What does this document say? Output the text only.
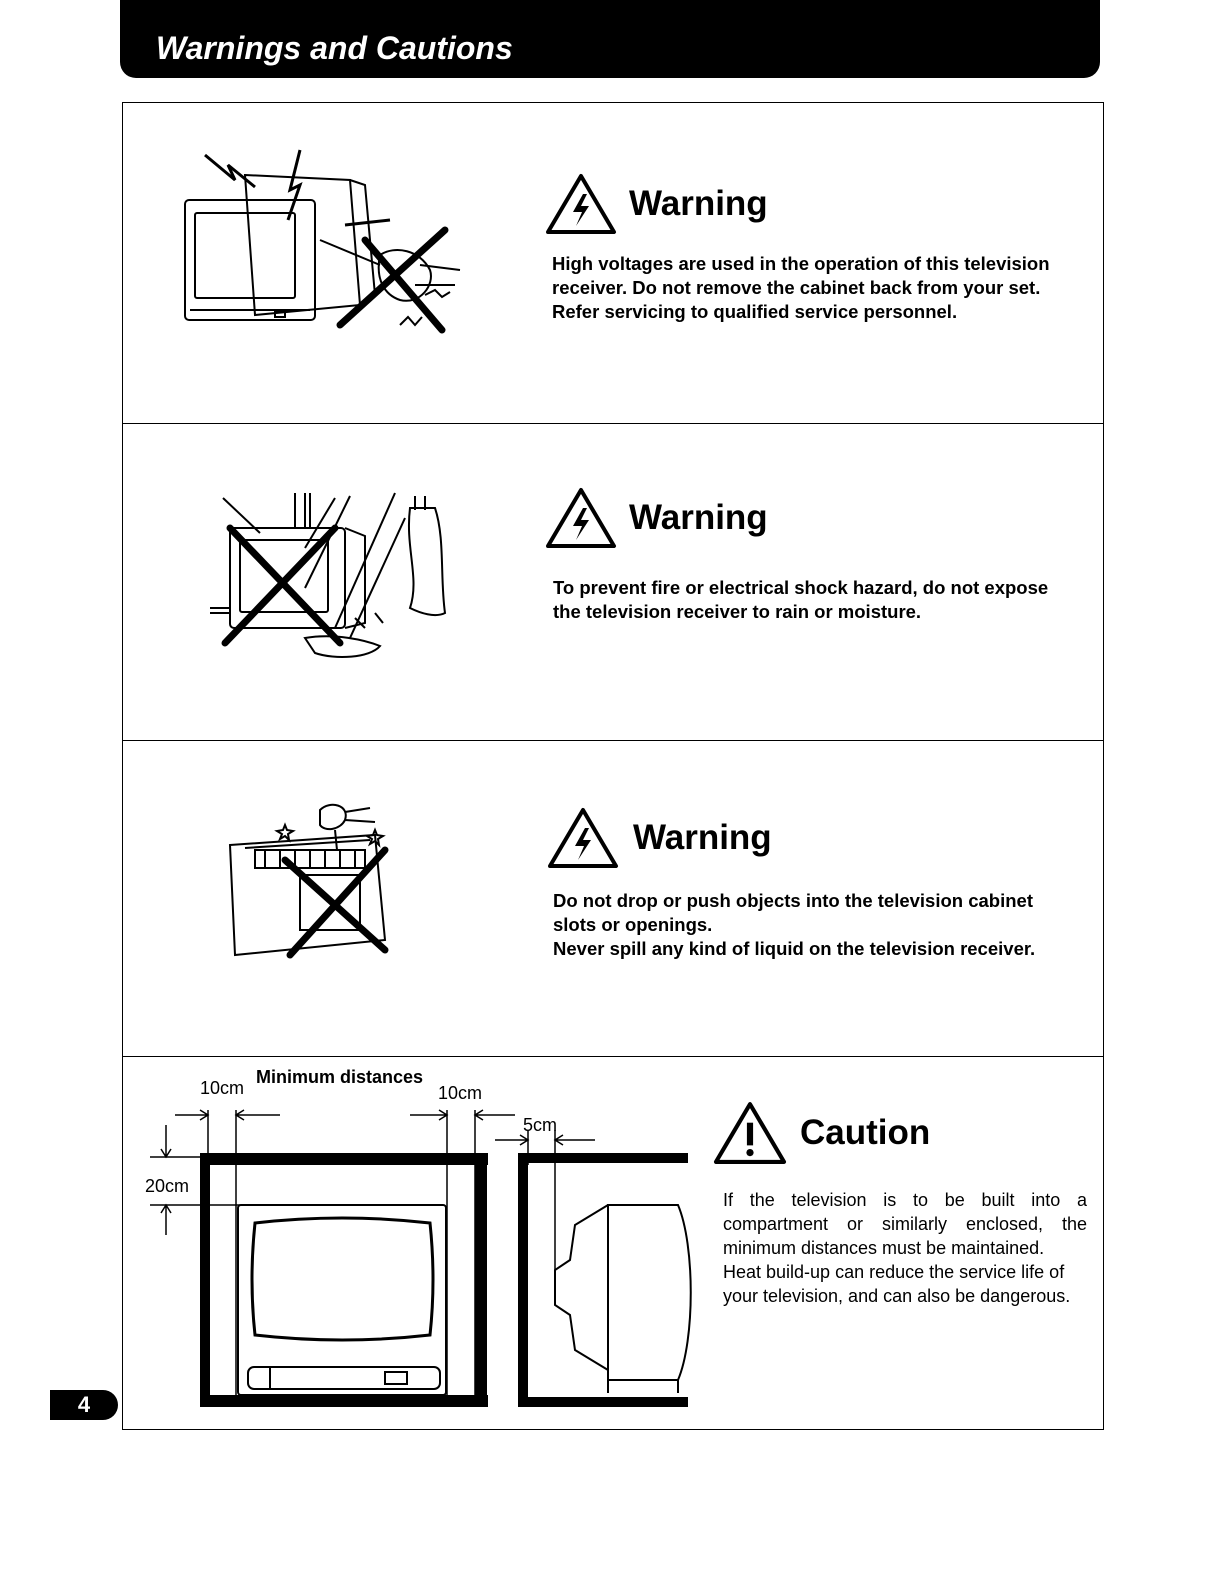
Warnings and Cautions
Warning
High voltages are used in the operation of this television
receiver. Do not remove the cabinet back from your set.
Refer servicing to qualified service personnel.
Warning
To prevent fire or electrical shock hazard, do not expose
the television receiver to rain or moisture.
Warning
Do not drop or push objects into the television cabinet
slots or openings.
Never spill any kind of liquid on the television receiver.
Minimum distances
10cm	10cm
20cm
5cm	Caution
If the television is to be built into a
compartment or similarly enclosed, the
minimum distances must be maintained.
Heat build-up can reduce the service life of
your television, and can also be dangerous.
4
